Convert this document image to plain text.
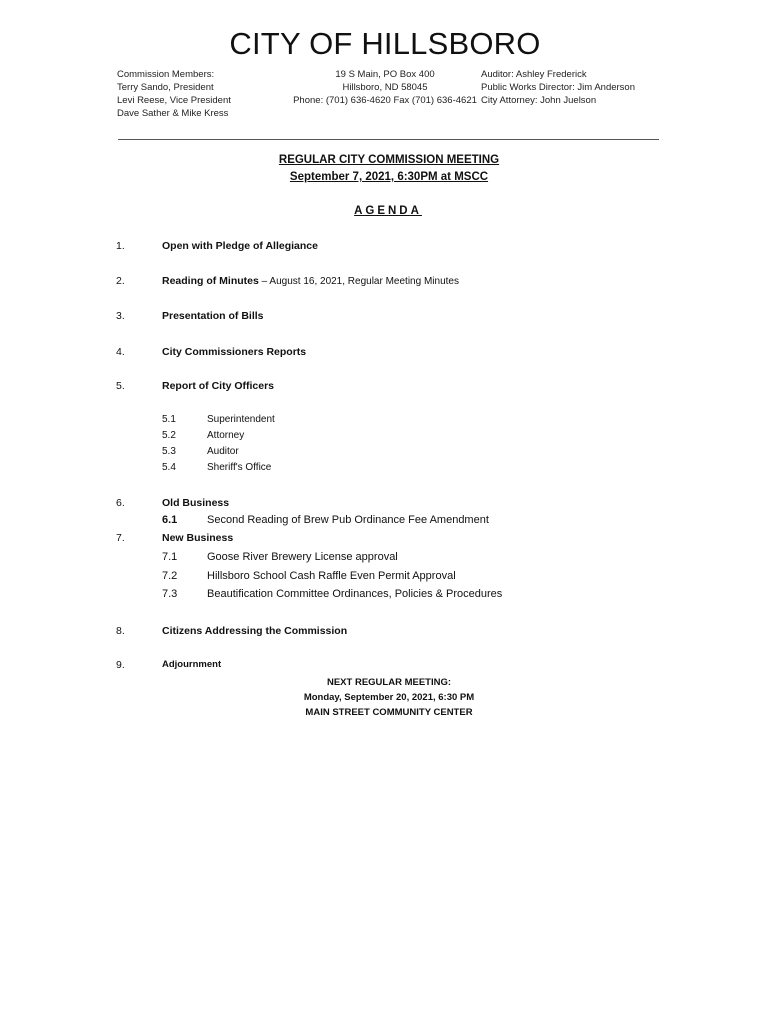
CITY OF HILLSBORO
Commission Members:
Terry Sando, President
Levi Reese, Vice President
Dave Sather & Mike Kress
19 S Main, PO Box 400
Hillsboro, ND 58045
Phone: (701) 636-4620 Fax (701) 636-4621
Auditor: Ashley Frederick
Public Works Director: Jim Anderson
City Attorney: John Juelson
REGULAR CITY COMMISSION MEETING
September 7, 2021, 6:30PM at MSCC
AGENDA
1.	Open with Pledge of Allegiance
2.	Reading of Minutes – August 16, 2021, Regular Meeting Minutes
3.	Presentation of Bills
4.	City Commissioners Reports
5.	Report of City Officers
5.1	Superintendent
5.2	Attorney
5.3	Auditor
5.4	Sheriff's Office
6.	Old Business
6.1	Second Reading of Brew Pub Ordinance Fee Amendment
7.	New Business
7.1	Goose River Brewery License approval
7.2	Hillsboro School Cash Raffle Even Permit Approval
7.3	Beautification Committee Ordinances, Policies & Procedures
8.	Citizens Addressing the Commission
9.	Adjournment
NEXT REGULAR MEETING:
Monday, September 20, 2021, 6:30 PM
MAIN STREET COMMUNITY CENTER
